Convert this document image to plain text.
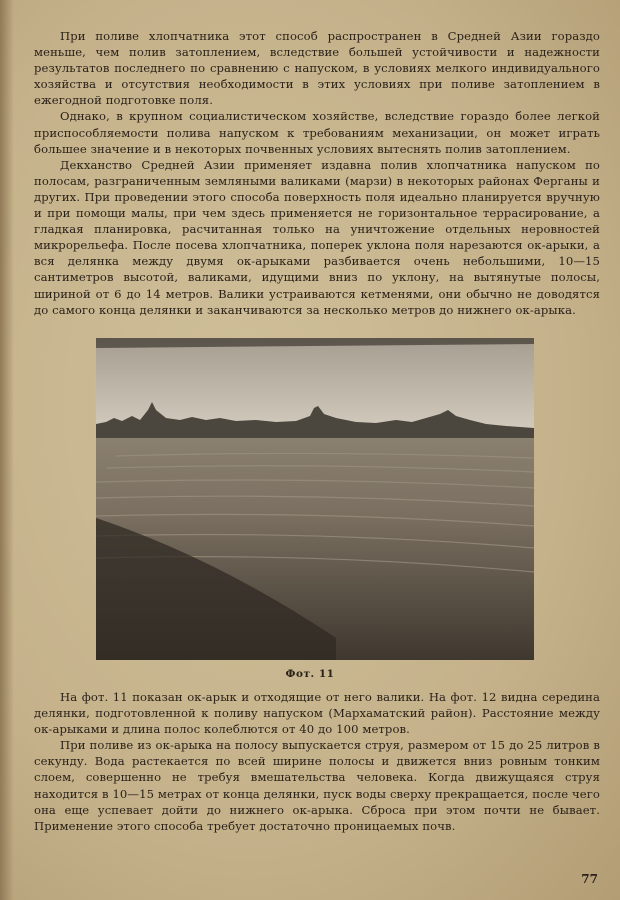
При поливе хлопчатника этот способ распространен в Средней Азии гораздо меньше, чем полив затоплением, вследствие большей устойчивости и надежности результатов последнего по сравнению с напуском, в условиях мелкого индивидуального хозяйства и отсутствия необходимости в этих условиях при поливе затоплением в ежегодной подготовке поля.

Однако, в крупном социалистическом хозяйстве, вследствие гораздо более легкой приспособляемости полива напуском к требованиям механизации, он может играть большее значение и в некоторых почвенных условиях вытеснять полив затоплением.

Декханство Средней Азии применяет издавна полив хлопчатника напуском по полосам, разграниченным земляными валиками (марзи) в некоторых районах Ферганы и других. При проведении этого способа поверхность поля идеально планируется вручную и при помощи малы, при чем здесь применяется не горизонтальное террасирование, а гладкая планировка, расчитанная только на уничтожение отдельных неровностей микрорельефа. После посева хлопчатника, поперек уклона поля нарезаются ок-арыки, а вся делянка между двумя ок-арыками разбивается очень небольшими, 10—15 сантиметров высотой, валиками, идущими вниз по уклону, на вытянутые полосы, шириной от 6 до 14 метров. Валики устраиваются кетменями, они обычно не доводятся до самого конца делянки и заканчиваются за несколько метров до нижнего ок-арыка.

Фот. 11

На фот. 11 показан ок-арык и отходящие от него валики. На фот. 12 видна середина делянки, подготовленной к поливу напуском (Мархаматский район). Расстояние между ок-арыками и длина полос колеблются от 40 до 100 метров.

При поливе из ок-арыка на полосу выпускается струя, размером от 15 до 25 литров в секунду. Вода растекается по всей ширине полосы и движется вниз ровным тонким слоем, совершенно не требуя вмешательства человека. Когда движущаяся струя находится в 10—15 метрах от конца делянки, пуск воды сверху прекращается, после чего она еще успевает дойти до нижнего ок-арыка. Сброса при этом почти не бывает. Применение этого способа требует достаточно проницаемых почв.

77
